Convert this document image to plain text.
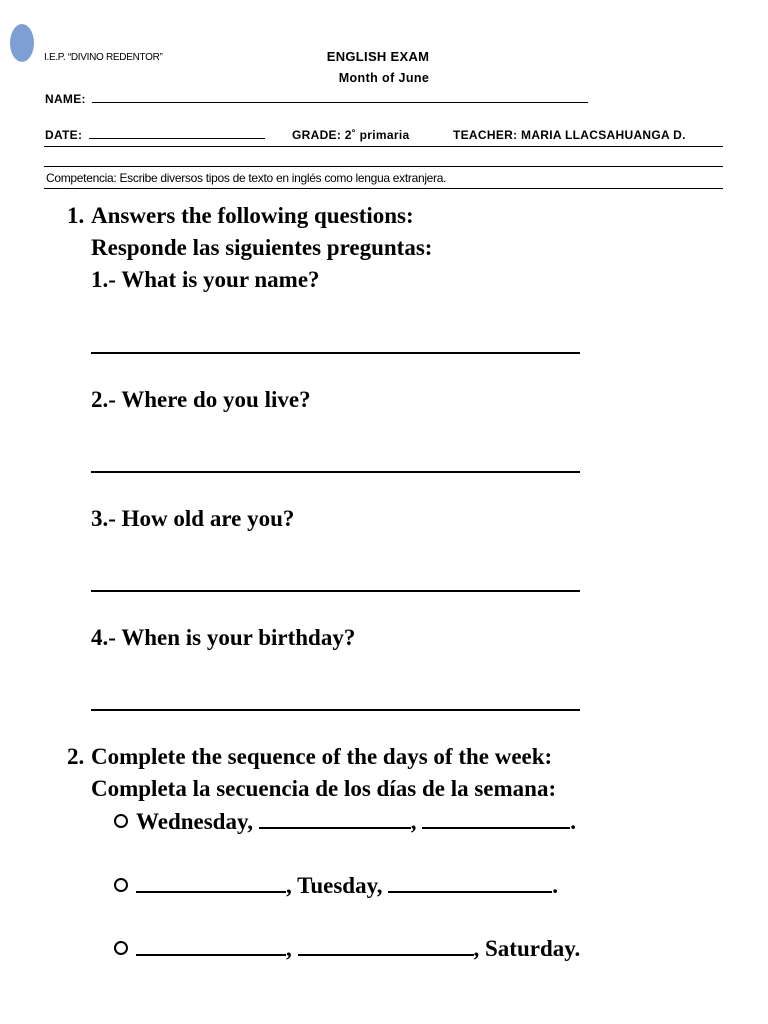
I.E.P. “DIVINO REDENTOR”	ENGLISH EXAM
Month of June
NAME:
DATE:	GRADE: 2˚ primaria	TEACHER: MARIA LLACSAHUANGA D.
Competencia: Escribe diversos tipos de texto en inglés como lengua extranjera.
1. Answers the following questions:
Responde las siguientes preguntas:
1.- What is your name?
2.- Where do you live?
3.- How old are you?
4.- When is your birthday?
2. Complete the sequence of the days of the week:
Completa la secuencia de los días de la semana:
Wednesday,	,	.
, Tuesday,	.
,	, Saturday.
